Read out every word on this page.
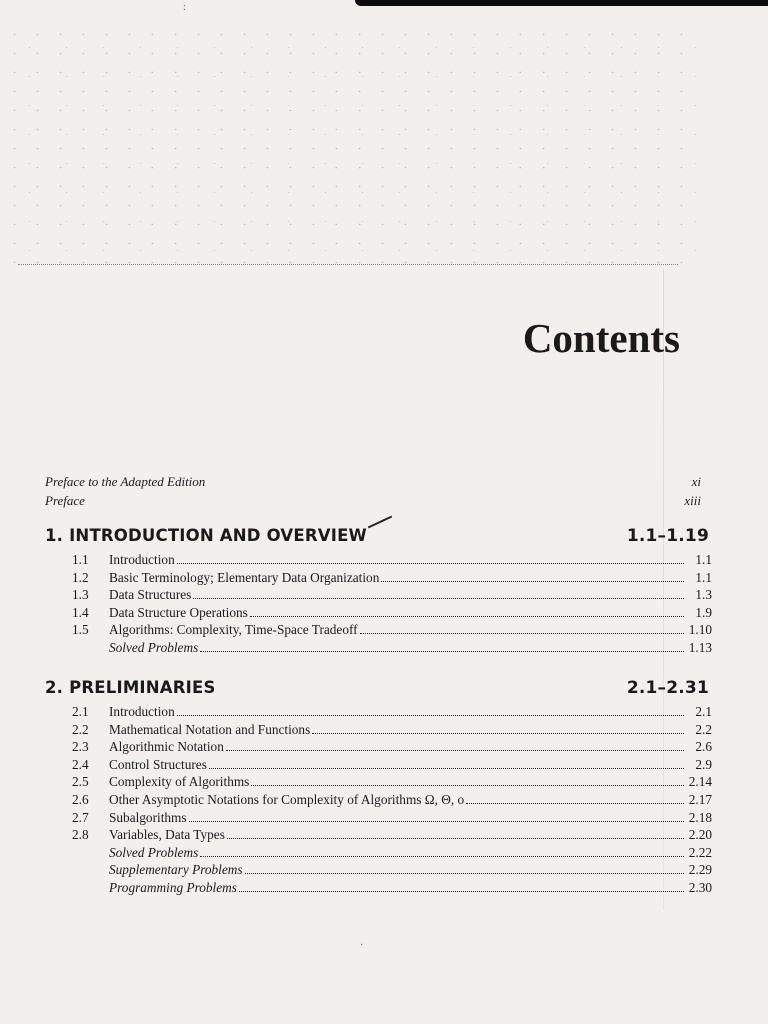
:
·
Contents
Preface to the Adapted Edition	xi
Preface	xiii
1. INTRODUCTION AND OVERVIEW	1.1–1.19
1.1	Introduction	1.1
1.2	Basic Terminology; Elementary Data Organization	1.1
1.3	Data Structures	1.3
1.4	Data Structure Operations	1.9
1.5	Algorithms: Complexity, Time-Space Tradeoff	1.10
Solved Problems	1.13
2. PRELIMINARIES	2.1–2.31
2.1	Introduction	2.1
2.2	Mathematical Notation and Functions	2.2
2.3	Algorithmic Notation	2.6
2.4	Control Structures	2.9
2.5	Complexity of Algorithms	2.14
2.6	Other Asymptotic Notations for Complexity of Algorithms Ω, Θ, o	2.17
2.7	Subalgorithms	2.18
2.8	Variables, Data Types	2.20
Solved Problems	2.22
Supplementary Problems	2.29
Programming Problems	2.30
